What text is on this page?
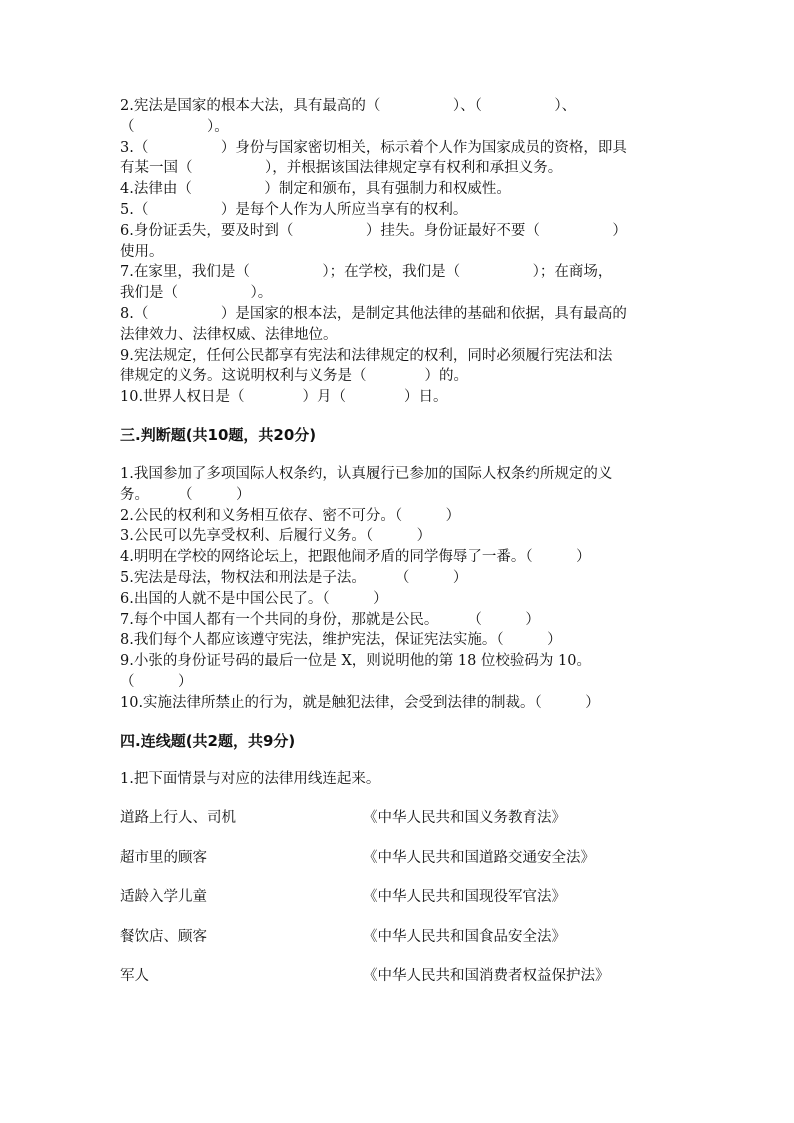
2.宪法是国家的根本大法，具有最高的（　　　　　）、（　　　　　）、

（　　　　　）。

3.（　　　　　）身份与国家密切相关，标示着个人作为国家成员的资格，即具

有某一国（　　　　　），并根据该国法律规定享有权利和承担义务。

4.法律由（　　　　　）制定和颁布，具有强制力和权威性。

5.（　　　　　）是每个人作为人所应当享有的权利。

6.身份证丢失，要及时到（　　　　　）挂失。身份证最好不要（　　　　　）

使用。

7.在家里，我们是（　　　　　）；在学校，我们是（　　　　　）；在商场，

我们是（　　　　　）。

8.（　　　　　）是国家的根本法，是制定其他法律的基础和依据，具有最高的

法律效力、法律权威、法律地位。

9.宪法规定，任何公民都享有宪法和法律规定的权利，同时必须履行宪法和法

律规定的义务。这说明权利与义务是（　　　　）的。

10.世界人权日是（　　　　）月（　　　　）日。

三.判断题(共10题，共20分)

1.我国参加了多项国际人权条约，认真履行已参加的国际人权条约所规定的义

务。　　　（　　　）

2.公民的权利和义务相互依存、密不可分。（　　　）

3.公民可以先享受权利、后履行义务。（　　　）

4.明明在学校的网络论坛上，把跟他闹矛盾的同学侮辱了一番。（　　　）

5.宪法是母法，物权法和刑法是子法。　　　（　　　）

6.出国的人就不是中国公民了。（　　　）

7.每个中国人都有一个共同的身份，那就是公民。　　　（　　　）

8.我们每个人都应该遵守宪法，维护宪法，保证宪法实施。（　　　）

9.小张的身份证号码的最后一位是 X，则说明他的第 18 位校验码为 10。

（　　　）

10.实施法律所禁止的行为，就是触犯法律，会受到法律的制裁。（　　　）

四.连线题(共2题，共9分)

1.把下面情景与对应的法律用线连起来。

道路上行人、司机	《中华人民共和国义务教育法》
超市里的顾客	《中华人民共和国道路交通安全法》
适龄入学儿童	《中华人民共和国现役军官法》
餐饮店、顾客	《中华人民共和国食品安全法》
军人	《中华人民共和国消费者权益保护法》
